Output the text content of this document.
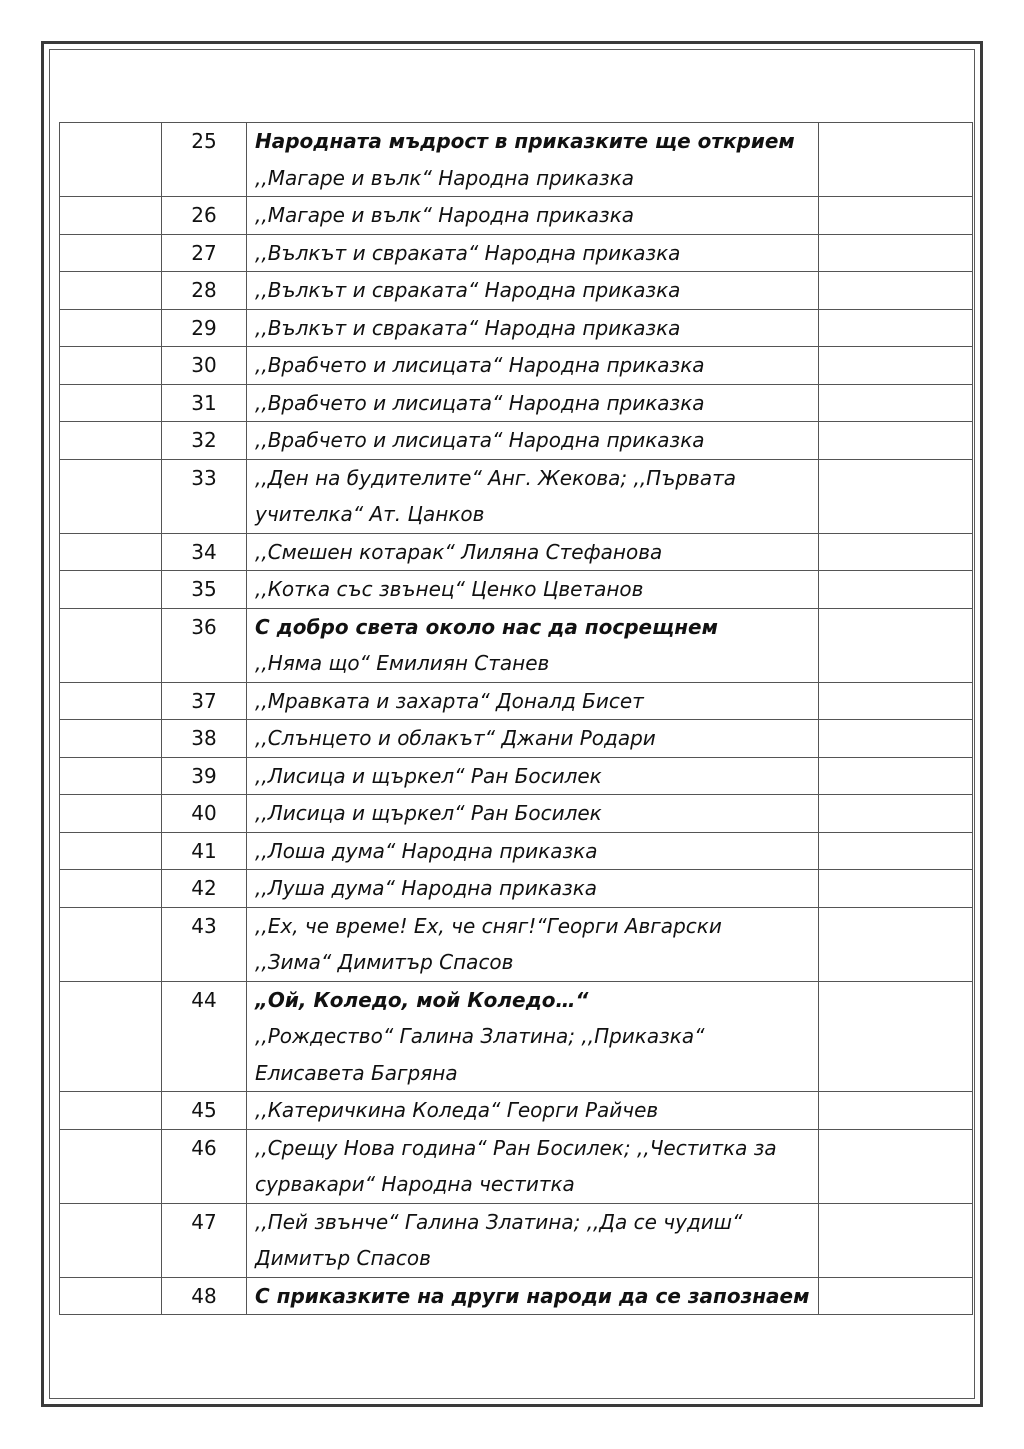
	25	Народната мъдрост в приказките ще открием
,,Магаре и вълк“ Народна приказка	

	26	,,Магаре и вълк“ Народна приказка	

	27	,,Вълкът и свраката“ Народна приказка	

	28	,,Вълкът и свраката“ Народна приказка	

	29	,,Вълкът и свраката“ Народна приказка	

	30	,,Врабчето и лисицата“ Народна приказка	

	31	,,Врабчето и лисицата“ Народна приказка	

	32	,,Врабчето и лисицата“ Народна приказка	

	33	,,Ден на будителите“ Анг. Жекова; ,,Първата
учителка“ Ат. Цанков	

	34	,,Смешен котарак“ Лиляна Стефанова	

	35	,,Котка със звънец“ Ценко Цветанов	

	36	С добро света около нас да посрещнем
,,Няма що“ Емилиян Станев	

	37	,,Мравката и захарта“ Доналд Бисет	

	38	,,Слънцето и облакът“ Джани Родари	

	39	,,Лисица и щъркел“ Ран Босилек	

	40	,,Лисица и щъркел“ Ран Босилек	

	41	,,Лоша дума“ Народна приказка	

	42	,,Луша дума“ Народна приказка	

	43	,,Ех, че време! Ех, че сняг!“Георги Авгарски
,,Зима“ Димитър Спасов	

	44	„Ой, Коледо, мой Коледо…“
,,Рождество“ Галина Златина; ,,Приказка“
Елисавета Багряна	

	45	,,Катеричкина Коледа“ Георги Райчев	

	46	,,Срещу Нова година“ Ран Босилек; ,,Честитка за
сурвакари“ Народна честитка	

	47	,,Пей звънче“ Галина Златина; ,,Да се чудиш“
Димитър Спасов	

	48	С приказките на други народи да се запознаем	
